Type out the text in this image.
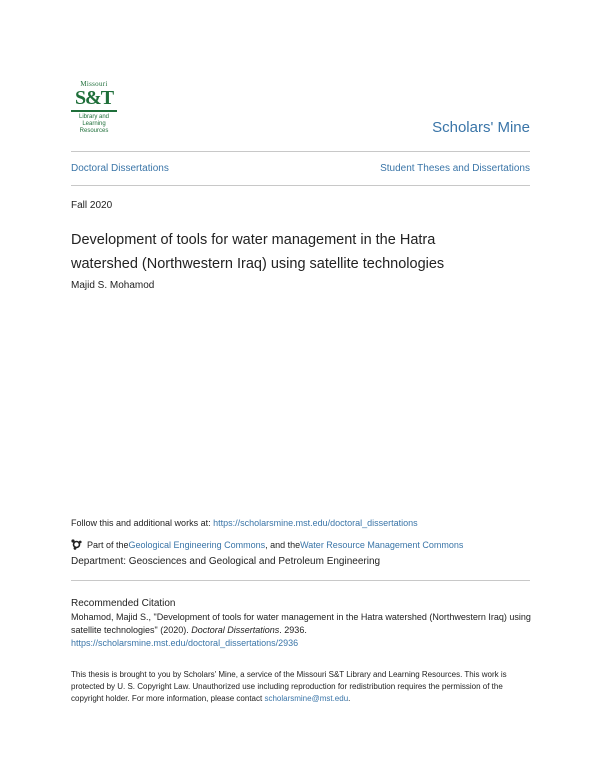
Missouri
S&T
Library and
Learning Resources	Scholars' Mine
Doctoral Dissertations	Student Theses and Dissertations
Fall 2020
Development of tools for water management in the Hatra watershed (Northwestern Iraq) using satellite technologies
Majid S. Mohamod
Follow this and additional works at: https://scholarsmine.mst.edu/doctoral_dissertations
Part of the Geological Engineering Commons , and the Water Resource Management Commons
Department: Geosciences and Geological and Petroleum Engineering
Recommended Citation
Mohamod, Majid S., "Development of tools for water management in the Hatra watershed (Northwestern Iraq) using satellite technologies" (2020). Doctoral Dissertations. 2936.
https://scholarsmine.mst.edu/doctoral_dissertations/2936
This thesis is brought to you by Scholars' Mine, a service of the Missouri S&T Library and Learning Resources. This work is protected by U. S. Copyright Law. Unauthorized use including reproduction for redistribution requires the permission of the copyright holder. For more information, please contact scholarsmine@mst.edu.
